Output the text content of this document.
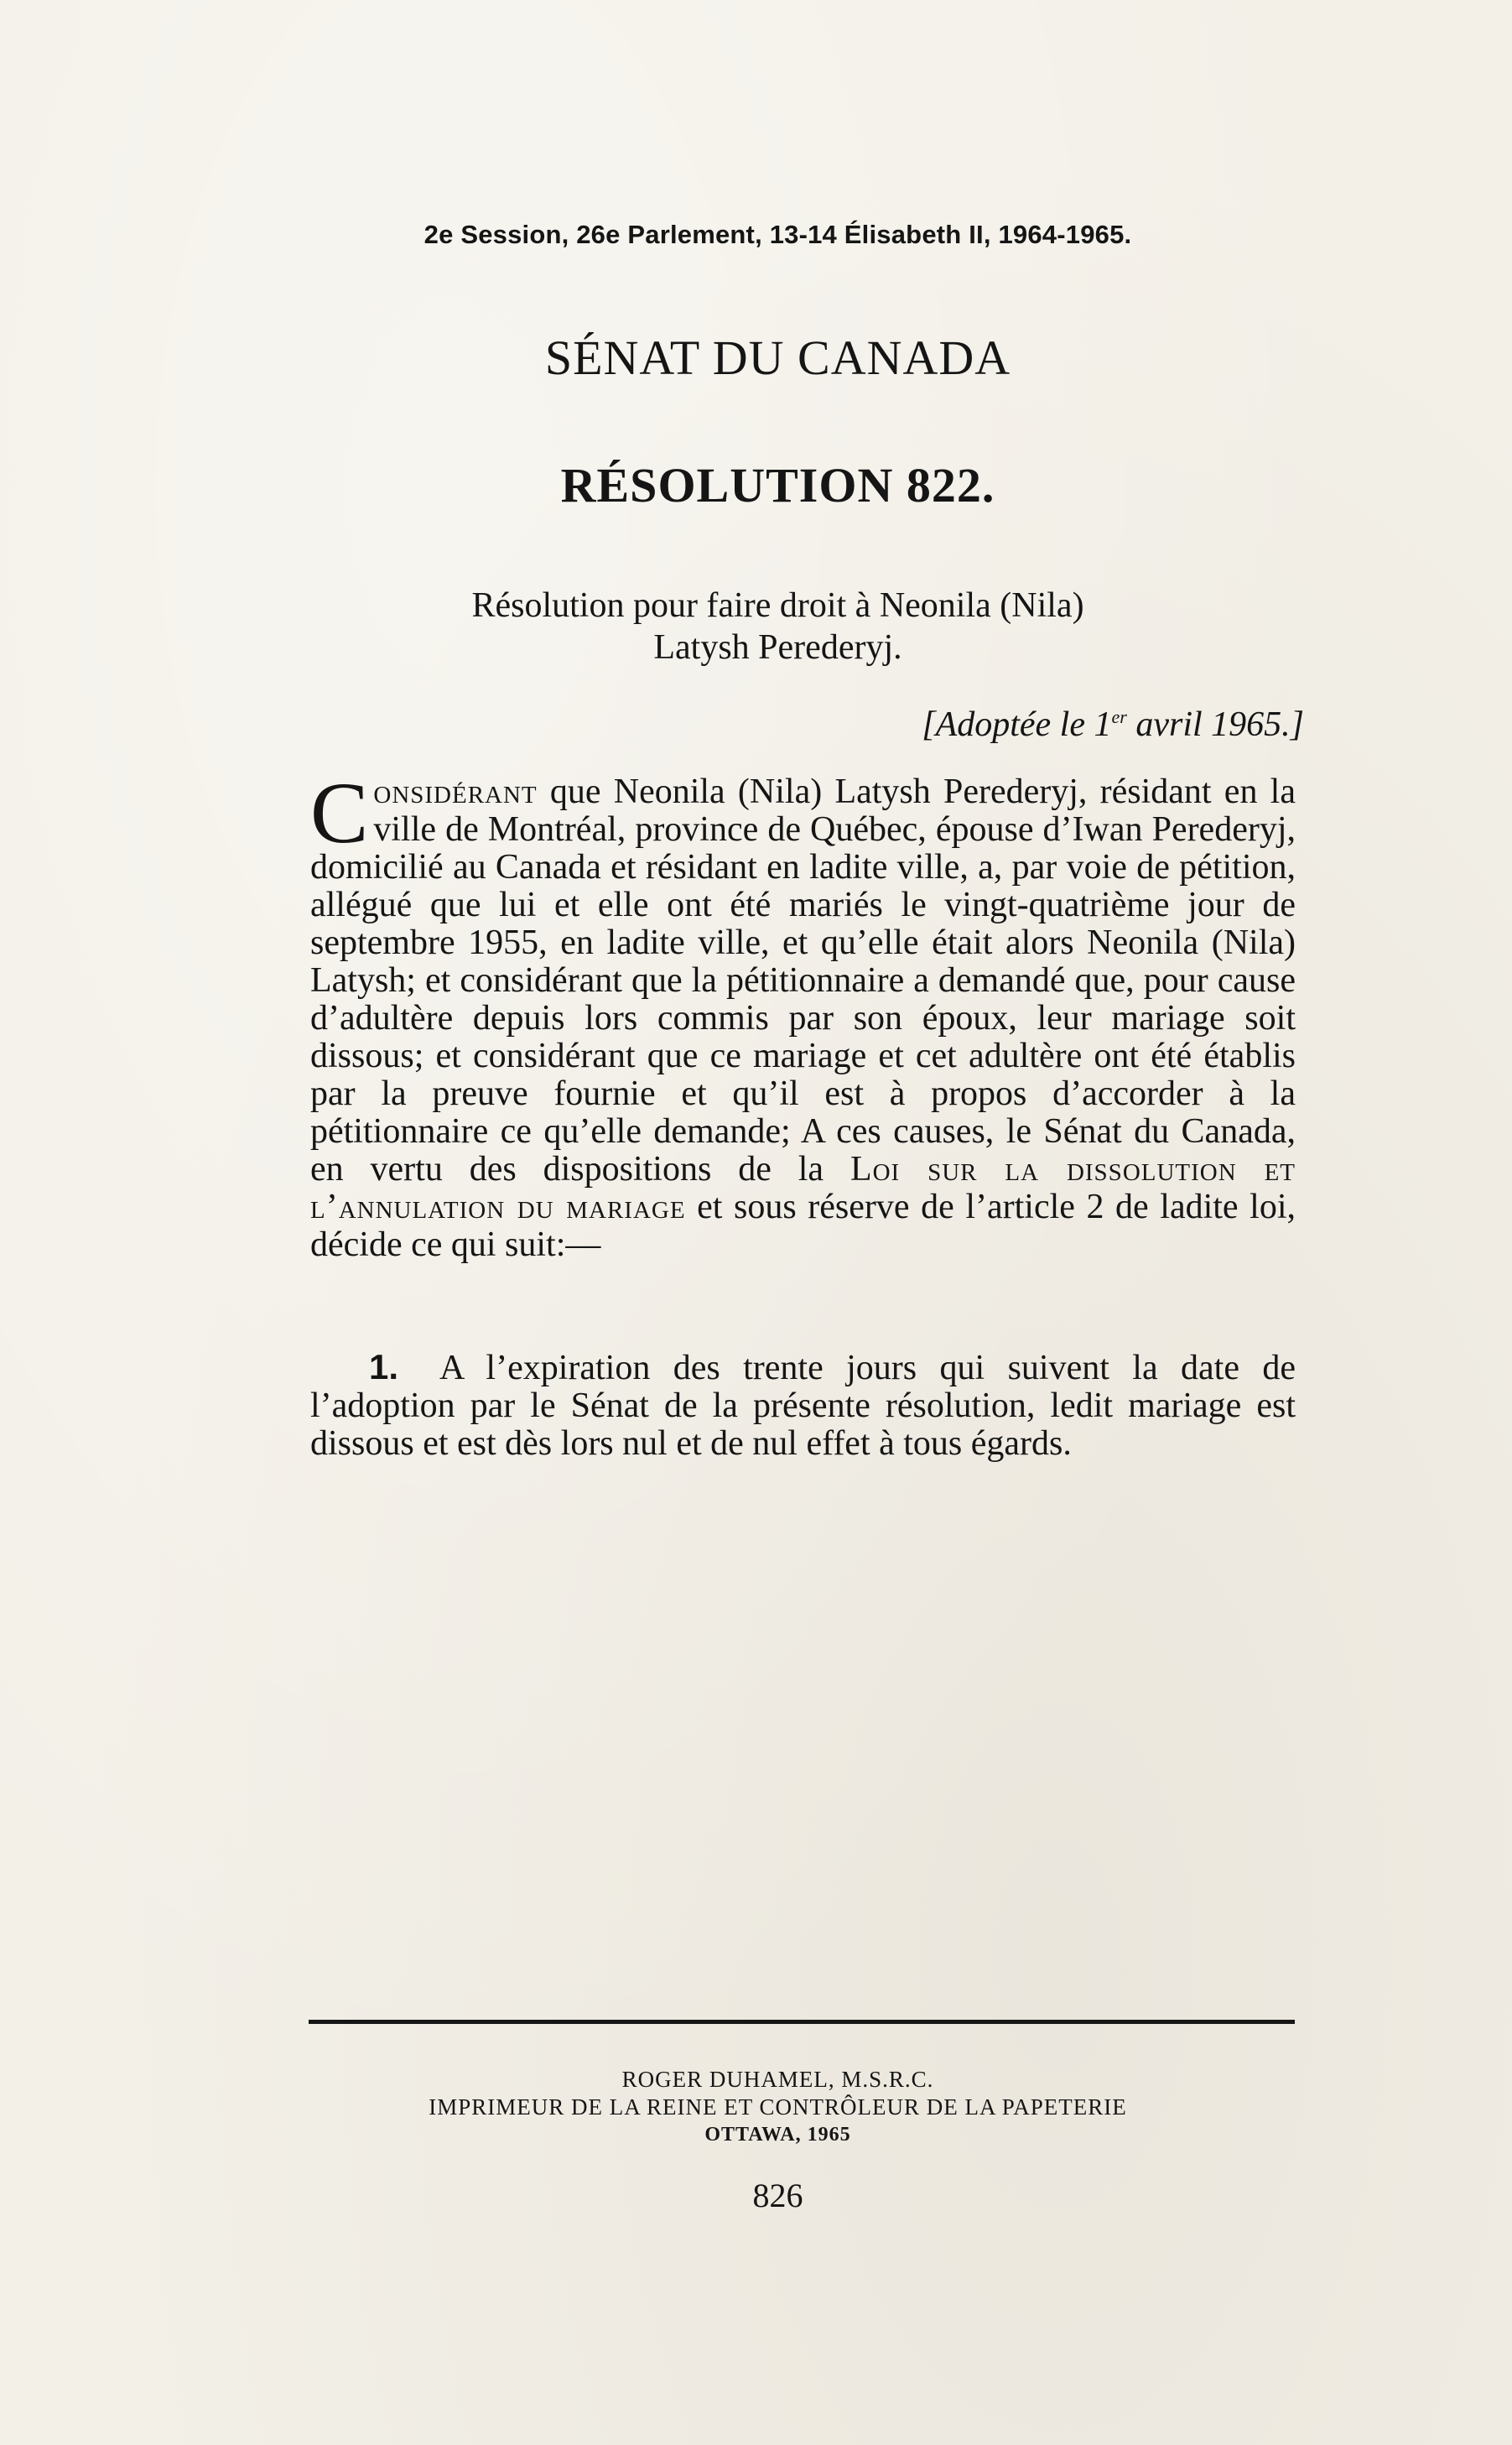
2e Session, 26e Parlement, 13-14 Élisabeth II, 1964-1965.
SÉNAT DU CANADA
RÉSOLUTION 822.
Résolution pour faire droit à Neonila (Nila)
Latysh Perederyj.
[Adoptée le 1er avril 1965.]
Considérant que Neonila (Nila) Latysh Perederyj, résidant en la ville de Montréal, province de Québec, épouse d’Iwan Perederyj, domicilié au Canada et résidant en ladite ville, a, par voie de pétition, allégué que lui et elle ont été mariés le vingt-quatrième jour de septembre 1955, en ladite ville, et qu’elle était alors Neonila (Nila) Latysh; et considérant que la pétitionnaire a demandé que, pour cause d’adultère depuis lors commis par son époux, leur mariage soit dissous; et considérant que ce mariage et cet adultère ont été établis par la preuve fournie et qu’il est à propos d’accorder à la pétitionnaire ce qu’elle demande; A ces causes, le Sénat du Canada, en vertu des dispositions de la Loi sur la dissolution et l’annulation du mariage et sous réserve de l’article 2 de ladite loi, décide ce qui suit:—
1. A l’expiration des trente jours qui suivent la date de l’adoption par le Sénat de la présente résolution, ledit mariage est dissous et est dès lors nul et de nul effet à tous égards.
ROGER DUHAMEL, M.S.R.C.
IMPRIMEUR DE LA REINE ET CONTRÔLEUR DE LA PAPETERIE
OTTAWA, 1965
826
